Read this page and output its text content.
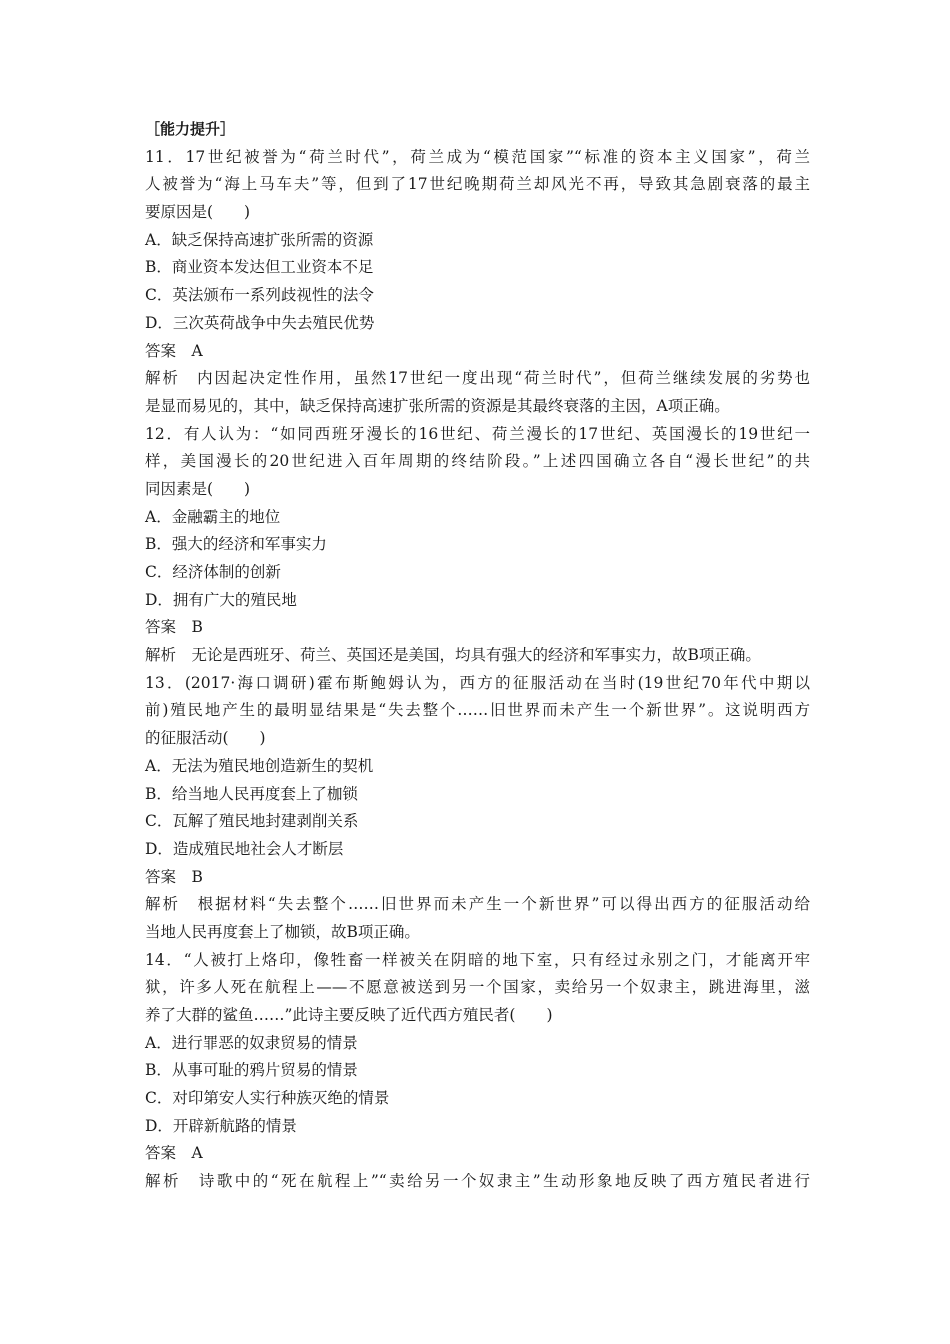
［能力提升］
11．17世纪被誉为“荷兰时代”，荷兰成为“模范国家”“标准的资本主义国家”，荷兰
人被誉为“海上马车夫”等，但到了17世纪晚期荷兰却风光不再，导致其急剧衰落的最主
要原因是(　　)
A．缺乏保持高速扩张所需的资源
B．商业资本发达但工业资本不足
C．英法颁布一系列歧视性的法令
D．三次英荷战争中失去殖民优势
答案　A
解析　内因起决定性作用，虽然17世纪一度出现“荷兰时代”，但荷兰继续发展的劣势也
是显而易见的，其中，缺乏保持高速扩张所需的资源是其最终衰落的主因，A项正确。
12．有人认为：“如同西班牙漫长的16世纪、荷兰漫长的17世纪、英国漫长的19世纪一
样，美国漫长的20世纪进入百年周期的终结阶段。”上述四国确立各自“漫长世纪”的共
同因素是(　　)
A．金融霸主的地位
B．强大的经济和军事实力
C．经济体制的创新
D．拥有广大的殖民地
答案　B
解析　无论是西班牙、荷兰、英国还是美国，均具有强大的经济和军事实力，故B项正确。
13．(2017·海口调研)霍布斯鲍姆认为，西方的征服活动在当时(19世纪70年代中期以
前)殖民地产生的最明显结果是“失去整个……旧世界而未产生一个新世界”。这说明西方
的征服活动(　　)
A．无法为殖民地创造新生的契机
B．给当地人民再度套上了枷锁
C．瓦解了殖民地封建剥削关系
D．造成殖民地社会人才断层
答案　B
解析　根据材料“失去整个……旧世界而未产生一个新世界”可以得出西方的征服活动给
当地人民再度套上了枷锁，故B项正确。
14．“人被打上烙印，像牲畜一样被关在阴暗的地下室，只有经过永别之门，才能离开牢
狱，许多人死在航程上——不愿意被送到另一个国家，卖给另一个奴隶主，跳进海里，滋
养了大群的鲨鱼……”此诗主要反映了近代西方殖民者(　　)
A．进行罪恶的奴隶贸易的情景
B．从事可耻的鸦片贸易的情景
C．对印第安人实行种族灭绝的情景
D．开辟新航路的情景
答案　A
解析　诗歌中的“死在航程上”“卖给另一个奴隶主”生动形象地反映了西方殖民者进行
